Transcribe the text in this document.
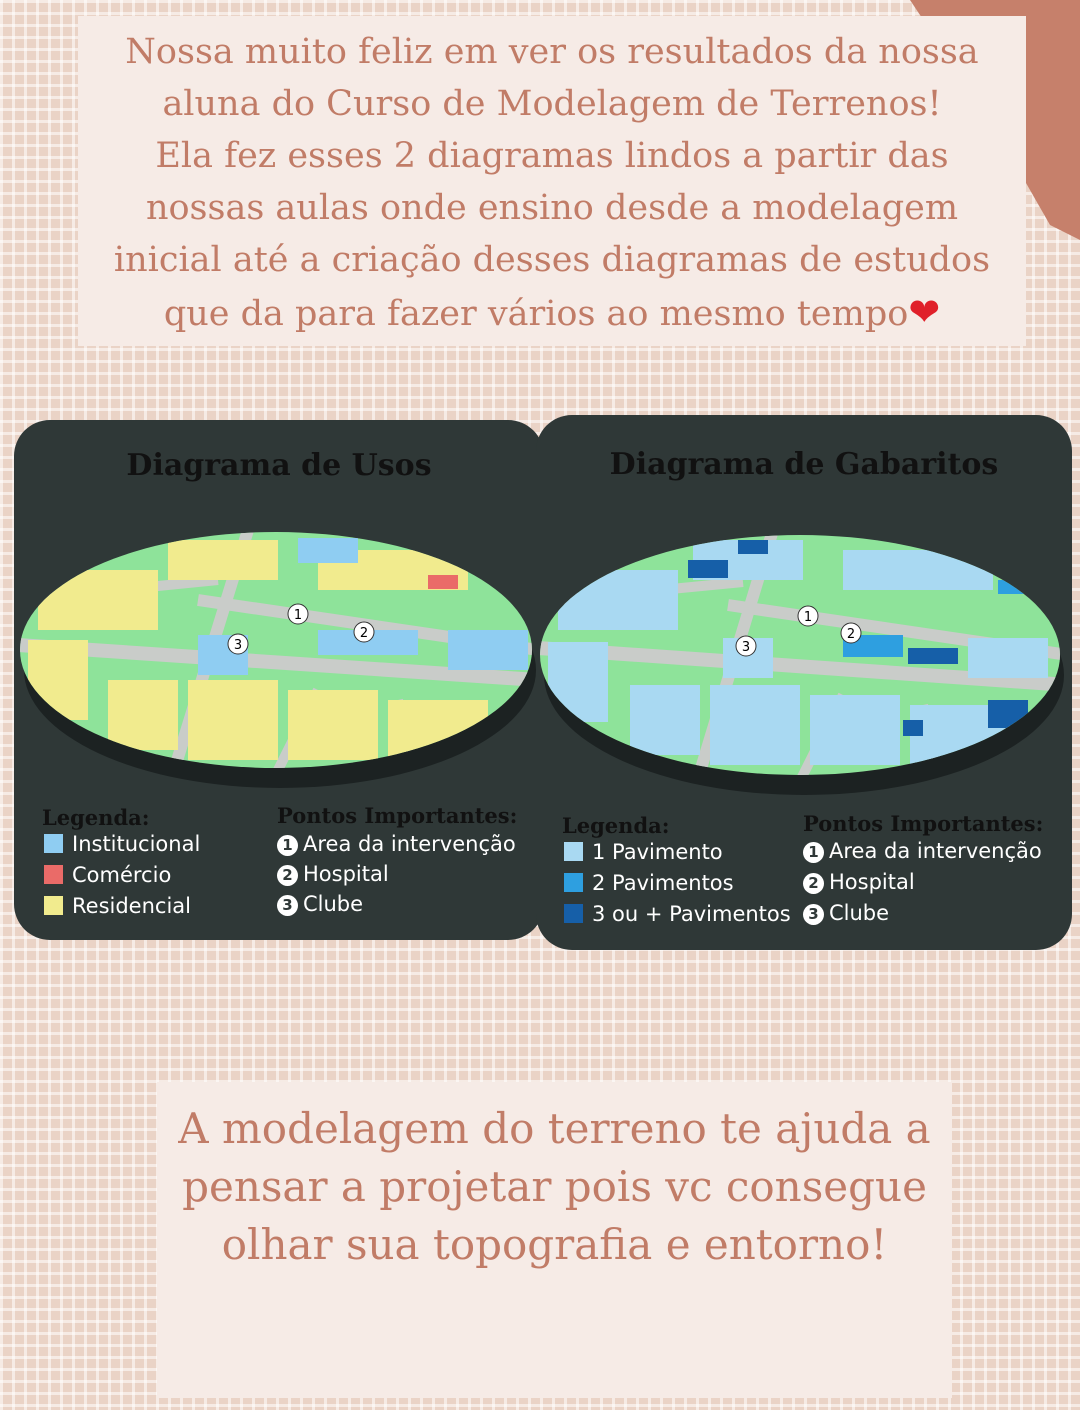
Nossa muito feliz em ver os resultados da nossa
aluna do Curso de Modelagem de Terrenos!
Ela fez esses 2 diagramas lindos a partir das
nossas aulas onde ensino desde a modelagem
inicial até a criação desses diagramas de estudos
que da para fazer vários ao mesmo tempo❤
Diagrama de Usos
1
2
3
Legenda:
Institucional
Comércio
Residencial
Pontos Importantes:
1 Area da intervenção
2 Hospital
3 Clube
Diagrama de Gabaritos
1
2
3
Legenda:
1 Pavimento
2 Pavimentos
3 ou + Pavimentos
Pontos Importantes:
1 Area da intervenção
2 Hospital
3 Clube
A modelagem do terreno te ajuda a
pensar a projetar pois vc consegue
olhar sua topografia e entorno!
